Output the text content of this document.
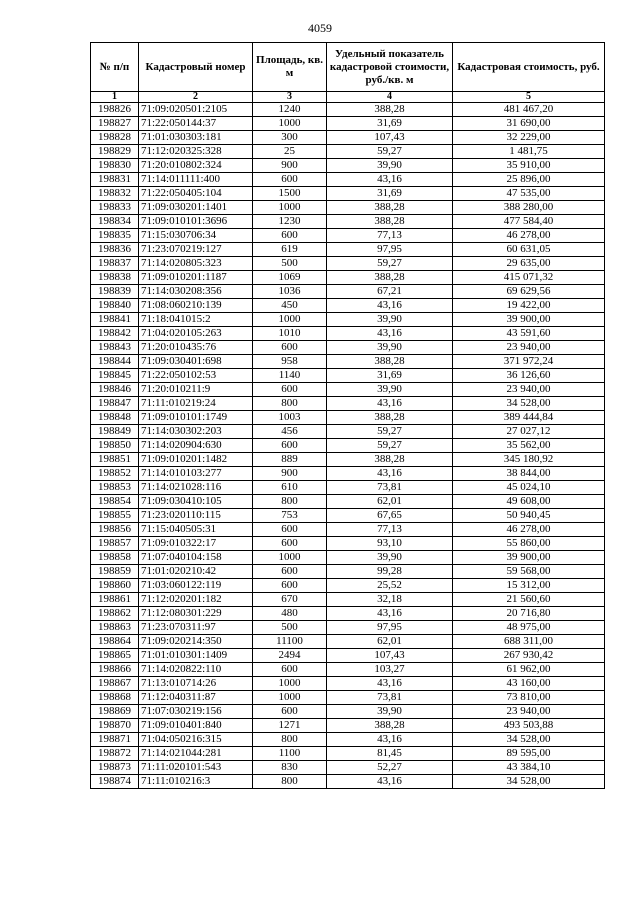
4059
№ п/п	Кадастровый номер	Площадь, кв. м	Удельный показатель кадастровой стоимости, руб./кв. м	Кадастровая стоимость, руб.
1	2	3	4	5
198826	71:09:020501:2105	1240	388,28	481 467,20
198827	71:22:050144:37	1000	31,69	31 690,00
198828	71:01:030303:181	300	107,43	32 229,00
198829	71:12:020325:328	25	59,27	1 481,75
198830	71:20:010802:324	900	39,90	35 910,00
198831	71:14:011111:400	600	43,16	25 896,00
198832	71:22:050405:104	1500	31,69	47 535,00
198833	71:09:030201:1401	1000	388,28	388 280,00
198834	71:09:010101:3696	1230	388,28	477 584,40
198835	71:15:030706:34	600	77,13	46 278,00
198836	71:23:070219:127	619	97,95	60 631,05
198837	71:14:020805:323	500	59,27	29 635,00
198838	71:09:010201:1187	1069	388,28	415 071,32
198839	71:14:030208:356	1036	67,21	69 629,56
198840	71:08:060210:139	450	43,16	19 422,00
198841	71:18:041015:2	1000	39,90	39 900,00
198842	71:04:020105:263	1010	43,16	43 591,60
198843	71:20:010435:76	600	39,90	23 940,00
198844	71:09:030401:698	958	388,28	371 972,24
198845	71:22:050102:53	1140	31,69	36 126,60
198846	71:20:010211:9	600	39,90	23 940,00
198847	71:11:010219:24	800	43,16	34 528,00
198848	71:09:010101:1749	1003	388,28	389 444,84
198849	71:14:030302:203	456	59,27	27 027,12
198850	71:14:020904:630	600	59,27	35 562,00
198851	71:09:010201:1482	889	388,28	345 180,92
198852	71:14:010103:277	900	43,16	38 844,00
198853	71:14:021028:116	610	73,81	45 024,10
198854	71:09:030410:105	800	62,01	49 608,00
198855	71:23:020110:115	753	67,65	50 940,45
198856	71:15:040505:31	600	77,13	46 278,00
198857	71:09:010322:17	600	93,10	55 860,00
198858	71:07:040104:158	1000	39,90	39 900,00
198859	71:01:020210:42	600	99,28	59 568,00
198860	71:03:060122:119	600	25,52	15 312,00
198861	71:12:020201:182	670	32,18	21 560,60
198862	71:12:080301:229	480	43,16	20 716,80
198863	71:23:070311:97	500	97,95	48 975,00
198864	71:09:020214:350	11100	62,01	688 311,00
198865	71:01:010301:1409	2494	107,43	267 930,42
198866	71:14:020822:110	600	103,27	61 962,00
198867	71:13:010714:26	1000	43,16	43 160,00
198868	71:12:040311:87	1000	73,81	73 810,00
198869	71:07:030219:156	600	39,90	23 940,00
198870	71:09:010401:840	1271	388,28	493 503,88
198871	71:04:050216:315	800	43,16	34 528,00
198872	71:14:021044:281	1100	81,45	89 595,00
198873	71:11:020101:543	830	52,27	43 384,10
198874	71:11:010216:3	800	43,16	34 528,00
